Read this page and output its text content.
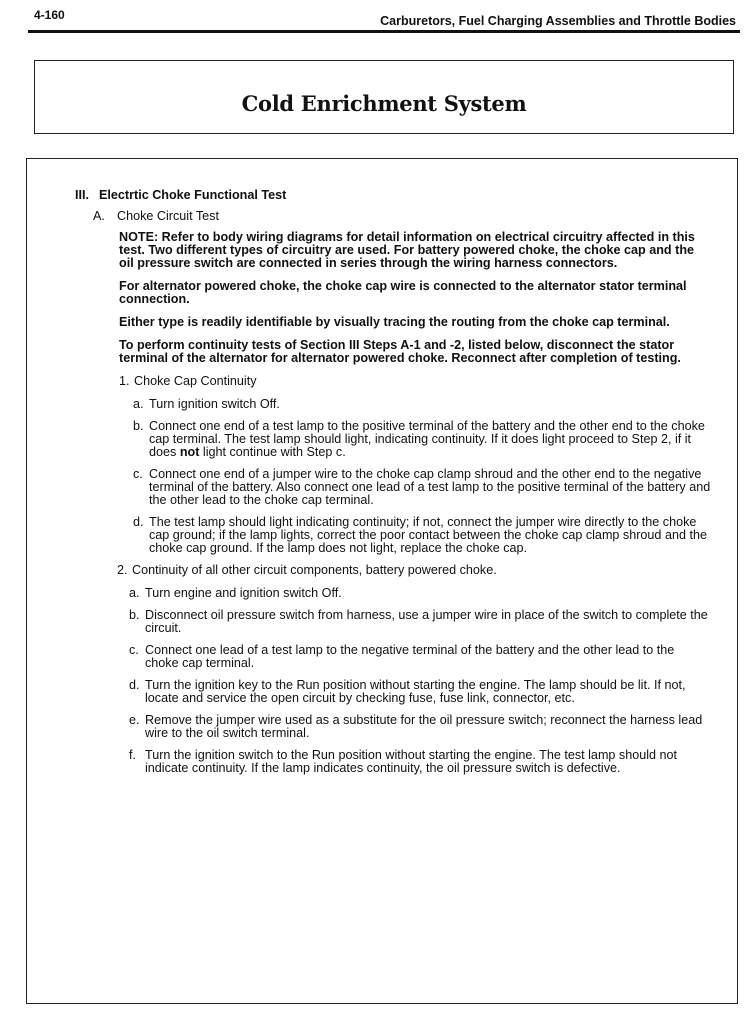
4-160	Carburetors, Fuel Charging Assemblies and Throttle Bodies
Cold Enrichment System
III. Electrtic Choke Functional Test
A. Choke Circuit Test
NOTE: Refer to body wiring diagrams for detail information on electrical circuitry affected in this test. Two different types of circuitry are used. For battery powered choke, the choke cap and the oil pressure switch are connected in series through the wiring harness connectors.
For alternator powered choke, the choke cap wire is connected to the alternator stator terminal connection.
Either type is readily identifiable by visually tracing the routing from the choke cap terminal.
To perform continuity tests of Section III Steps A-1 and -2, listed below, disconnect the stator terminal of the alternator for alternator powered choke. Reconnect after completion of testing.
1. Choke Cap Continuity
a. Turn ignition switch Off.
b. Connect one end of a test lamp to the positive terminal of the battery and the other end to the choke cap terminal. The test lamp should light, indicating continuity. If it does light proceed to Step 2, if it does not light continue with Step c.
c. Connect one end of a jumper wire to the choke cap clamp shroud and the other end to the negative terminal of the battery. Also connect one lead of a test lamp to the positive terminal of the battery and the other lead to the choke cap terminal.
d. The test lamp should light indicating continuity; if not, connect the jumper wire directly to the choke cap ground; if the lamp lights, correct the poor contact between the choke cap clamp shroud and the choke cap ground. If the lamp does not light, replace the choke cap.
2. Continuity of all other circuit components, battery powered choke.
a. Turn engine and ignition switch Off.
b. Disconnect oil pressure switch from harness, use a jumper wire in place of the switch to complete the circuit.
c. Connect one lead of a test lamp to the negative terminal of the battery and the other lead to the choke cap terminal.
d. Turn the ignition key to the Run position without starting the engine. The lamp should be lit. If not, locate and service the open circuit by checking fuse, fuse link, connector, etc.
e. Remove the jumper wire used as a substitute for the oil pressure switch; reconnect the harness lead wire to the oil switch terminal.
f. Turn the ignition switch to the Run position without starting the engine. The test lamp should not indicate continuity. If the lamp indicates continuity, the oil pressure switch is defective.
